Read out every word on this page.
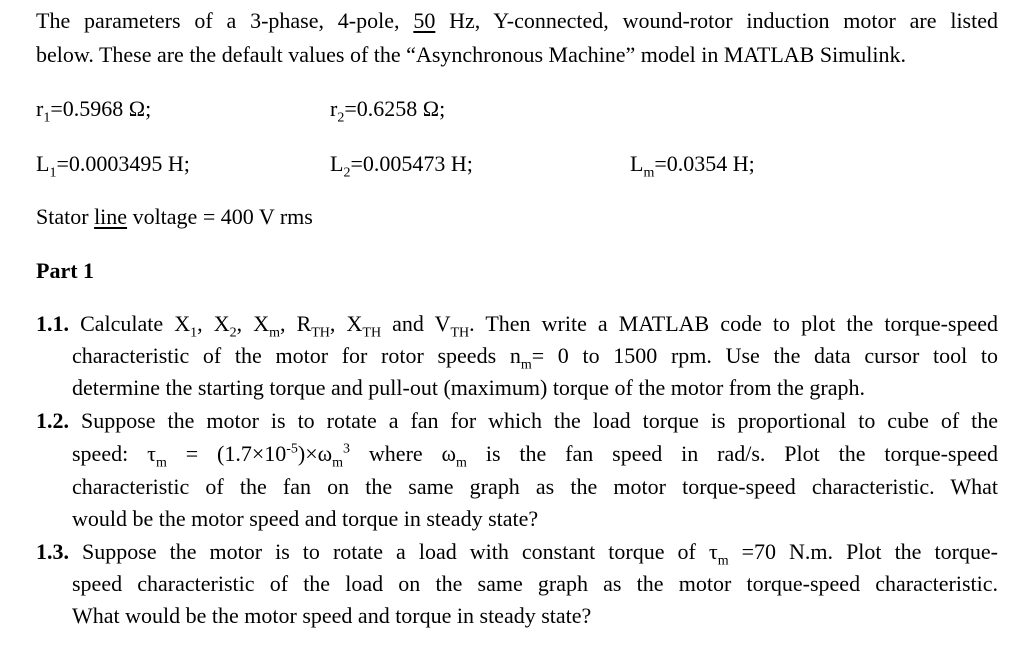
The parameters of a 3-phase, 4-pole, 50 Hz, Y-connected, wound-rotor induction motor are listed
below. These are the default values of the “Asynchronous Machine” model in MATLAB Simulink.
$r_1=0.5968$ Ω;	$r_2=0.6258$ Ω;
$L_1=0.0003495$ H;	$L_2=0.005473$ H;	$L_m=0.0354$ H;
Stator line voltage = 400 V rms
Part 1
1.1. Calculate $X_1$, $X_2$, $X_m$, $R_{TH}$, $X_{TH}$ and $V_{TH}$. Then write a MATLAB code to plot the torque-speed
characteristic of the motor for rotor speeds $n_m= 0$ to 1500 rpm. Use the data cursor tool to
determine the starting torque and pull-out (maximum) torque of the motor from the graph.
1.2. Suppose the motor is to rotate a fan for which the load torque is proportional to cube of the
speed: $\tau_m = (1.7\times 10^{-5})\times\omega_m^3$ where $\omega_m$ is the fan speed in rad/s. Plot the torque-speed
characteristic of the fan on the same graph as the motor torque-speed characteristic. What
would be the motor speed and torque in steady state?
1.3. Suppose the motor is to rotate a load with constant torque of $\tau_m =70$ N.m. Plot the torque-
speed characteristic of the load on the same graph as the motor torque-speed characteristic.
What would be the motor speed and torque in steady state?
